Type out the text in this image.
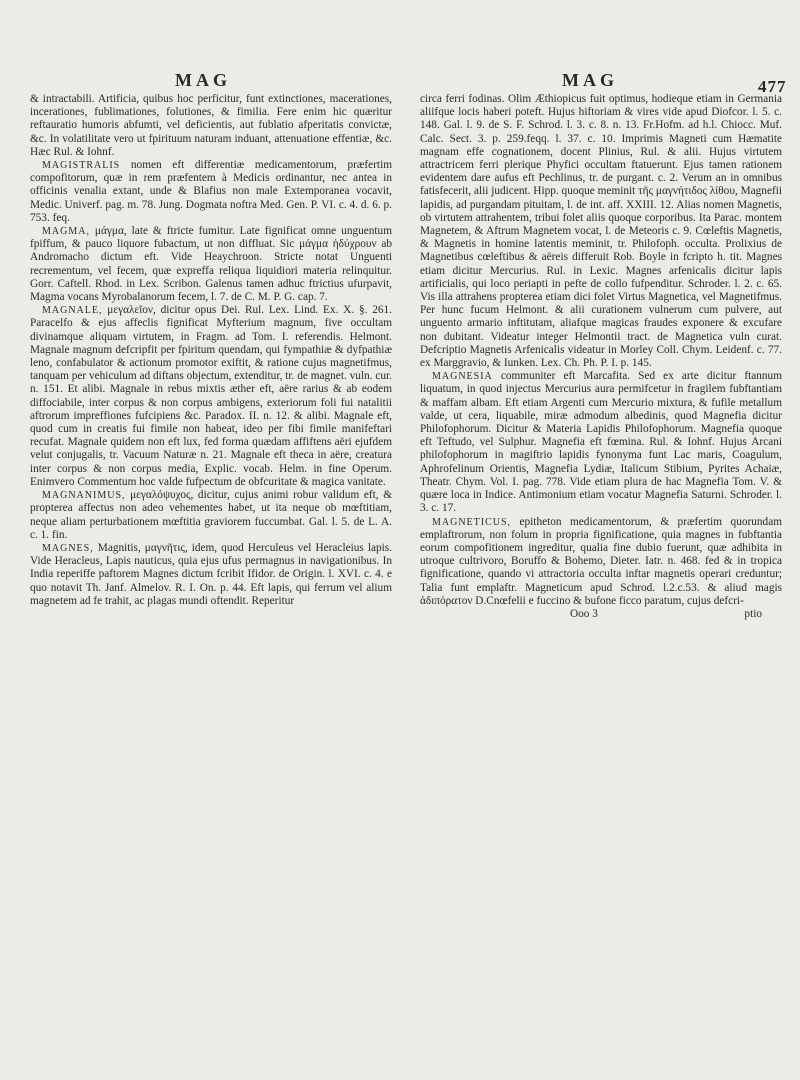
MAG	MAG	477

& intractabili. Artificia, quibus hoc perficitur, funt extinctiones, macerationes, incerationes, fublimationes, folutiones, & fimilia. Fere enim hic quæritur reftauratio humoris abfumti, vel deficientis, aut fublatio afperitatis convictæ, &c. In volatilitate vero ut fpirituum naturam induant, attenuatione effentiæ, &c. Hæc Rul. & Iohnf.

MAGISTRALIS nomen eft differentiæ medicamentorum, præfertim compofitorum, quæ in rem præfentem à Medicis ordinantur, nec antea in officinis venalia extant, unde & Blafius non male Extemporanea vocavit, Medic. Univerf. pag. m. 78. Jung. Dogmata noftra Med. Gen. P. VI. c. 4. d. 6. p. 753. feq.

MAGMA, μάγμα, late & ftricte fumitur. Late fignificat omne unguentum fpiffum, & pauco liquore fubactum, ut non diffluat. Sic μάγμα ἡδύχρουν ab Andromacho dictum eft. Vide Heaychroon. Stricte notat Unguenti recrementum, vel fecem, quæ expreffa reliqua liquidiori materia relinquitur. Gorr. Caftell. Rhod. in Lex. Scribon. Galenus tamen adhuc ftrictius ufurpavit, Magma vocans Myrobalanorum fecem, l. 7. de C. M. P. G. cap. 7.

MAGNALE, μεγαλεῖον, dicitur opus Dei. Rul. Lex. Lind. Ex. X. §. 261. Paracelfo & ejus affeclis fignificat Myfterium magnum, five occultam divinamque aliquam virtutem, in Fragm. ad Tom. I. referendis. Helmont. Magnale magnum defcripfit per fpiritum quendam, qui fympathiæ & dyfpathiæ leno, confabulator & actionum promotor exiftit, & ratione cujus magnetifmus, tanquam per vehiculum ad diftans objectum, extenditur, tr. de magnet. vuln. cur. n. 151. Et alibi. Magnale in rebus mixtis æther eft, aëre rarius & ab eodem diffociabile, inter corpus & non corpus ambigens, exteriorum foli fui natalitii aftrorum impreffiones fufcipiens &c. Paradox. II. n. 12. & alibi. Magnale eft, quod cum in creatis fui fimile non habeat, ideo per fibi fimile manifeftari recufat. Magnale quidem non eft lux, fed forma quædam affiftens aëri ejufdem velut conjugalis, tr. Vacuum Naturæ n. 21. Magnale eft theca in aëre, creatura inter corpus & non corpus media, Explic. vocab. Helm. in fine Operum. Enimvero Commentum hoc valde fufpectum de obfcuritate & magica vanitate.

MAGNANIMUS, μεγαλόψυχος, dicitur, cujus animi robur validum eft, & propterea affectus non adeo vehementes habet, ut ita neque ob mœftitiam, neque aliam perturbationem mœftitia graviorem fuccumbat. Gal. l. 5. de L. A. c. 1. fin.

MAGNES, Magnitis, μαγνῆτις, idem, quod Herculeus vel Heracleius lapis. Vide Heracleus, Lapis nauticus, quia ejus ufus permagnus in navigationibus. In India reperiffe paftorem Magnes dictum fcribit Ifidor. de Origin. l. XVI. c. 4. e quo notavit Th. Janf. Almelov. R. I. On. p. 44. Eft lapis, qui ferrum vel alium magnetem ad fe trahit, ac plagas mundi oftendit. Reperitur

circa ferri fodinas. Olim Æthiopicus fuit optimus, hodieque etiam in Germania aliifque locis haberi poteft. Hujus hiftoriam & vires vide apud Diofcor. l. 5. c. 148. Gal. l. 9. de S. F. Schrod. l. 3. c. 8. n. 13. Fr.Hofm. ad h.l. Chiocc. Muf. Calc. Sect. 3. p. 259.feqq. l. 37. c. 10. Imprimis Magneti cum Hæmatite magnam effe cognationem, docent Plinius, Rul. & alii. Hujus virtutem attractricem ferri plerique Phyfici occultam ftatuerunt. Ejus tamen rationem evidentem dare aufus eft Pechlinus, tr. de purgant. c. 2. Verum an in omnibus fatisfecerit, alii judicent. Hipp. quoque meminit τῆς μαγνήτιδος λίθου, Magnefii lapidis, ad purgandam pituitam, l. de int. aff. XXIII. 12. Alias nomen Magnetis, ob virtutem attrahentem, tribui folet aliis quoque corporibus. Ita Parac. montem Magnetem, & Aftrum Magnetem vocat, l. de Meteoris c. 9. Cœleftis Magnetis, & Magnetis in homine latentis meminit, tr. Philofoph. occulta. Prolixius de Magnetibus cœleftibus & aëreis differuit Rob. Boyle in fcripto h. tit. Magnes etiam dicitur Mercurius. Rul. in Lexic. Magnes arfenicalis dicitur lapis artificialis, qui loco periapti in pefte de collo fufpenditur. Schroder. l. 2. c. 65. Vis illa attrahens propterea etiam dici folet Virtus Magnetica, vel Magnetifmus. Per hunc fucum Helmont. & alii curationem vulnerum cum pulvere, aut unguento armario inftitutam, aliafque magicas fraudes exponere & excufare non dubitant. Videatur integer Helmontii tract. de Magnetica vuln curat. Defcriptio Magnetis Arfenicalis videatur in Morley Coll. Chym. Leidenf. c. 77. ex Marggravio, & Iunken. Lex. Ch. Ph. P. I. p. 145.

MAGNESIA communiter eft Marcafita. Sed ex arte dicitur ftannum liquatum, in quod injectus Mercurius aura permifcetur in fragilem fubftantiam & maffam albam. Eft etiam Argenti cum Mercurio mixtura, & fufile metallum valde, ut cera, liquabile, miræ admodum albedinis, quod Magnefia dicitur Philofophorum. Dicitur & Materia Lapidis Philofophorum. Magnefia quoque eft Teftudo, vel Sulphur. Magnefia eft fœmina. Rul. & Iohnf. Hujus Arcani philofophorum in magiftrio lapidis fynonyma funt Lac maris, Coagulum, Aphrofelinum Orientis, Magnefia Lydiæ, Italicum Stibium, Pyrites Achaiæ, Theatr. Chym. Vol. I. pag. 778. Vide etiam plura de hac Magnefia Tom. V. & quære loca in Indice. Antimonium etiam vocatur Magnefia Saturni. Schroder. l. 3. c. 17.

MAGNETICUS, epitheton medicamentorum, & præfertim quorundam emplaftrorum, non folum in propria fignificatione, quia magnes in fubftantia eorum compofitionem ingreditur, qualia fine dubio fuerunt, quæ adhibita in utroque cultrivoro, Boruffo & Bohemo, Dieter. Iatr. n. 468. fed & in tropica fignificatione, quando vi attractoria occulta inftar magnetis operari creduntur; Talia funt emplaftr. Magneticum apud Schrod. l.2.c.53. & aliud magis ἀδιπόρατον D.Cnœfelii e fuccino & bufone ficco paratum, cujus defcri-

Ooo 3	ptio
